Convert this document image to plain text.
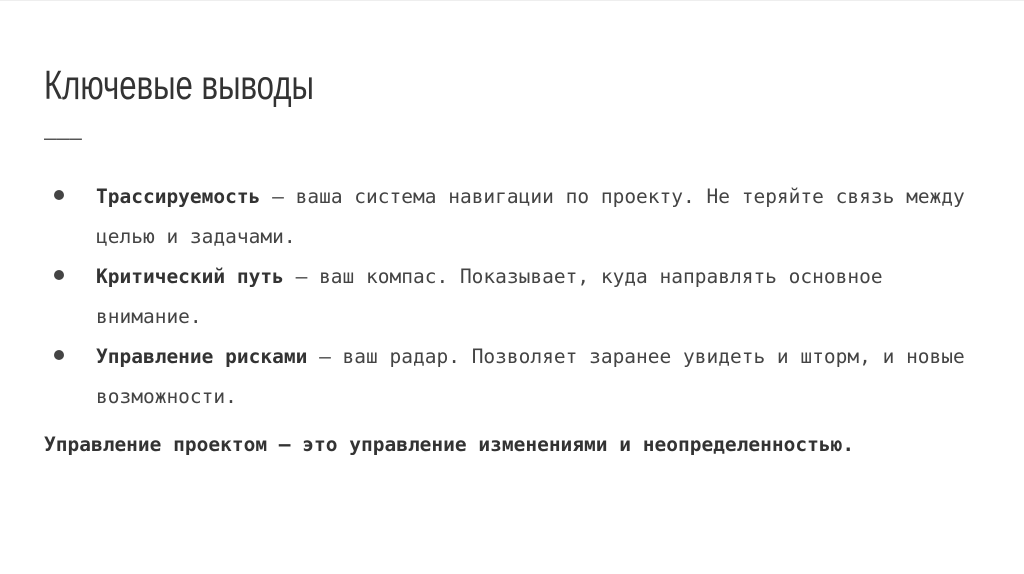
Ключевые выводы
———
Трассируемость — ваша система навигации по проекту. Не теряйте связь между целью и задачами.
Критический путь — ваш компас. Показывает, куда направлять основное внимание.
Управление рисками — ваш радар. Позволяет заранее увидеть и шторм, и новые возможности.

Управление проектом — это управление изменениями и неопределенностью.
